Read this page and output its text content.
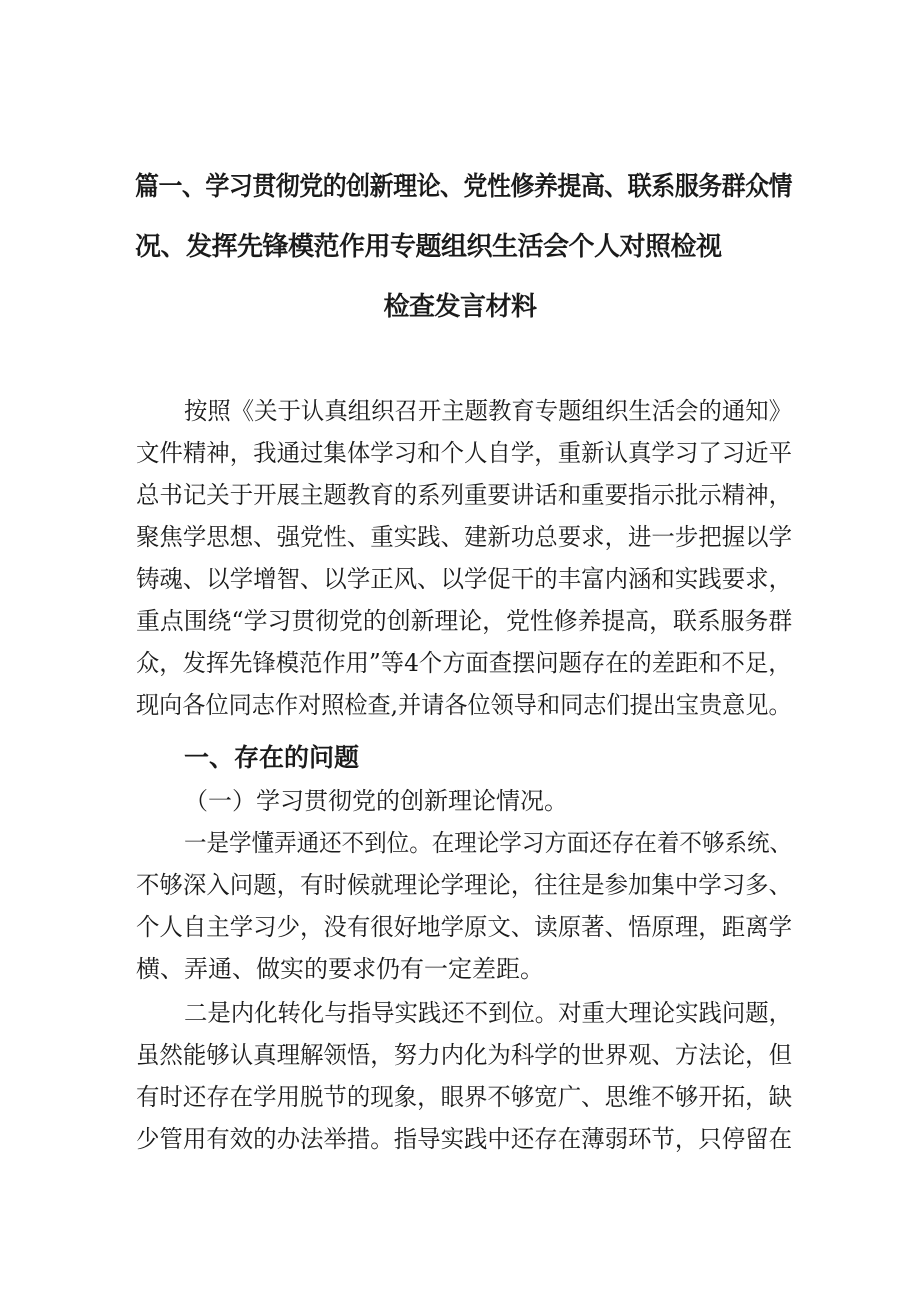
篇一、学习贯彻党的创新理论、党性修养提高、联系服务群众情
况、发挥先锋模范作用专题组织生活会个人对照检视
检查发言材料
按照《关于认真组织召开主题教育专题组织生活会的通知》
文件精神，我通过集体学习和个人自学，重新认真学习了习近平
总书记关于开展主题教育的系列重要讲话和重要指示批示精神，
聚焦学思想、强党性、重实践、建新功总要求，进一步把握以学
铸魂、以学增智、以学正风、以学促干的丰富内涵和实践要求，
重点围绕“学习贯彻党的创新理论，党性修养提高，联系服务群
众，发挥先锋模范作用”等4个方面查摆问题存在的差距和不足，
现向各位同志作对照检查,并请各位领导和同志们提出宝贵意见。
一、存在的问题
（一）学习贯彻党的创新理论情况。
一是学懂弄通还不到位。在理论学习方面还存在着不够系统、
不够深入问题，有时候就理论学理论，往往是参加集中学习多、
个人自主学习少，没有很好地学原文、读原著、悟原理，距离学
横、弄通、做实的要求仍有一定差距。
二是内化转化与指导实践还不到位。对重大理论实践问题，
虽然能够认真理解领悟，努力内化为科学的世界观、方法论，但
有时还存在学用脱节的现象，眼界不够宽广、思维不够开拓，缺
少管用有效的办法举措。指导实践中还存在薄弱环节，只停留在
